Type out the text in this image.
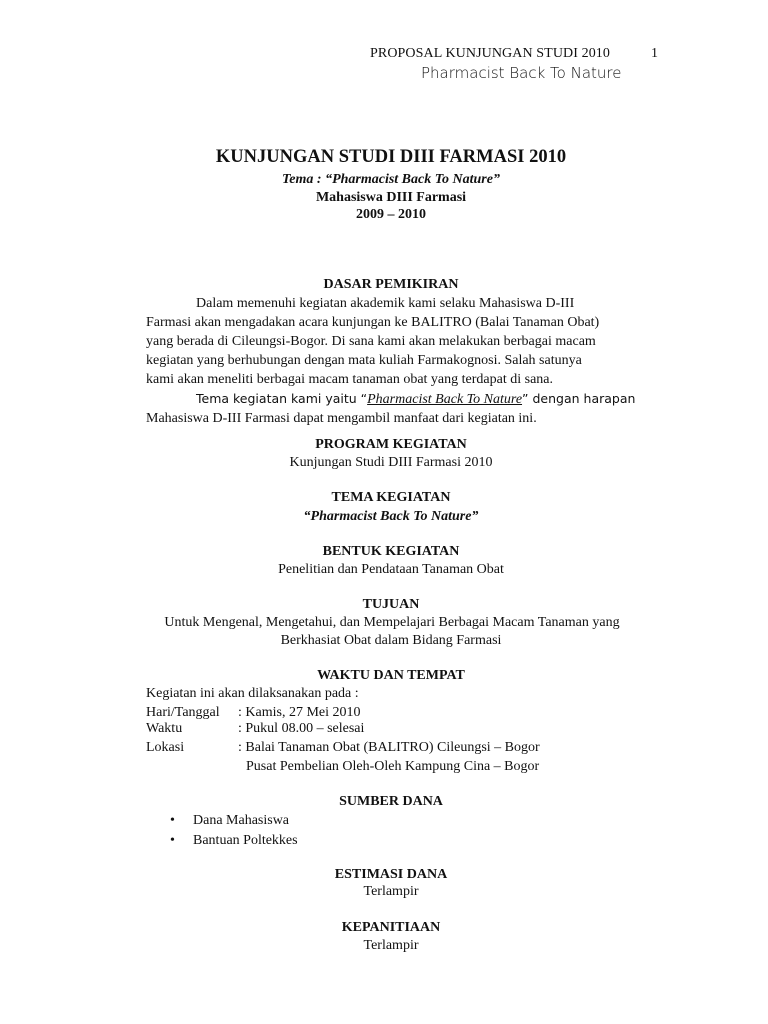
PROPOSAL KUNJUNGAN STUDI 2010	1
Pharmacist Back To Nature
KUNJUNGAN STUDI DIII FARMASI 2010
Tema : “Pharmacist Back To Nature”
Mahasiswa DIII Farmasi
2009 – 2010
DASAR PEMIKIRAN
Dalam memenuhi kegiatan akademik kami selaku Mahasiswa D-III
Farmasi akan mengadakan acara kunjungan ke BALITRO (Balai Tanaman Obat)
yang berada di Cileungsi-Bogor. Di sana kami akan melakukan berbagai macam
kegiatan yang berhubungan dengan mata kuliah Farmakognosi. Salah satunya
kami akan meneliti berbagai macam tanaman obat yang terdapat di sana.
Tema kegiatan kami yaitu “Pharmacist Back To Nature” dengan harapan
Mahasiswa D-III Farmasi dapat mengambil manfaat dari kegiatan ini.
PROGRAM KEGIATAN
Kunjungan Studi DIII Farmasi 2010
TEMA KEGIATAN
“Pharmacist Back To Nature”
BENTUK KEGIATAN
Penelitian dan Pendataan Tanaman Obat
TUJUAN
Untuk Mengenal, Mengetahui, dan Mempelajari Berbagai Macam Tanaman yang
Berkhasiat Obat dalam Bidang Farmasi
WAKTU DAN TEMPAT
Kegiatan ini akan dilaksanakan pada :
Hari/Tanggal : Kamis, 27 Mei 2010
Waktu	: Pukul 08.00 – selesai
Lokasi	: Balai Tanaman Obat (BALITRO) Cileungsi – Bogor
Pusat Pembelian Oleh-Oleh Kampung Cina – Bogor
SUMBER DANA
• Dana Mahasiswa
• Bantuan Poltekkes
ESTIMASI DANA
Terlampir
KEPANITIAAN
Terlampir
